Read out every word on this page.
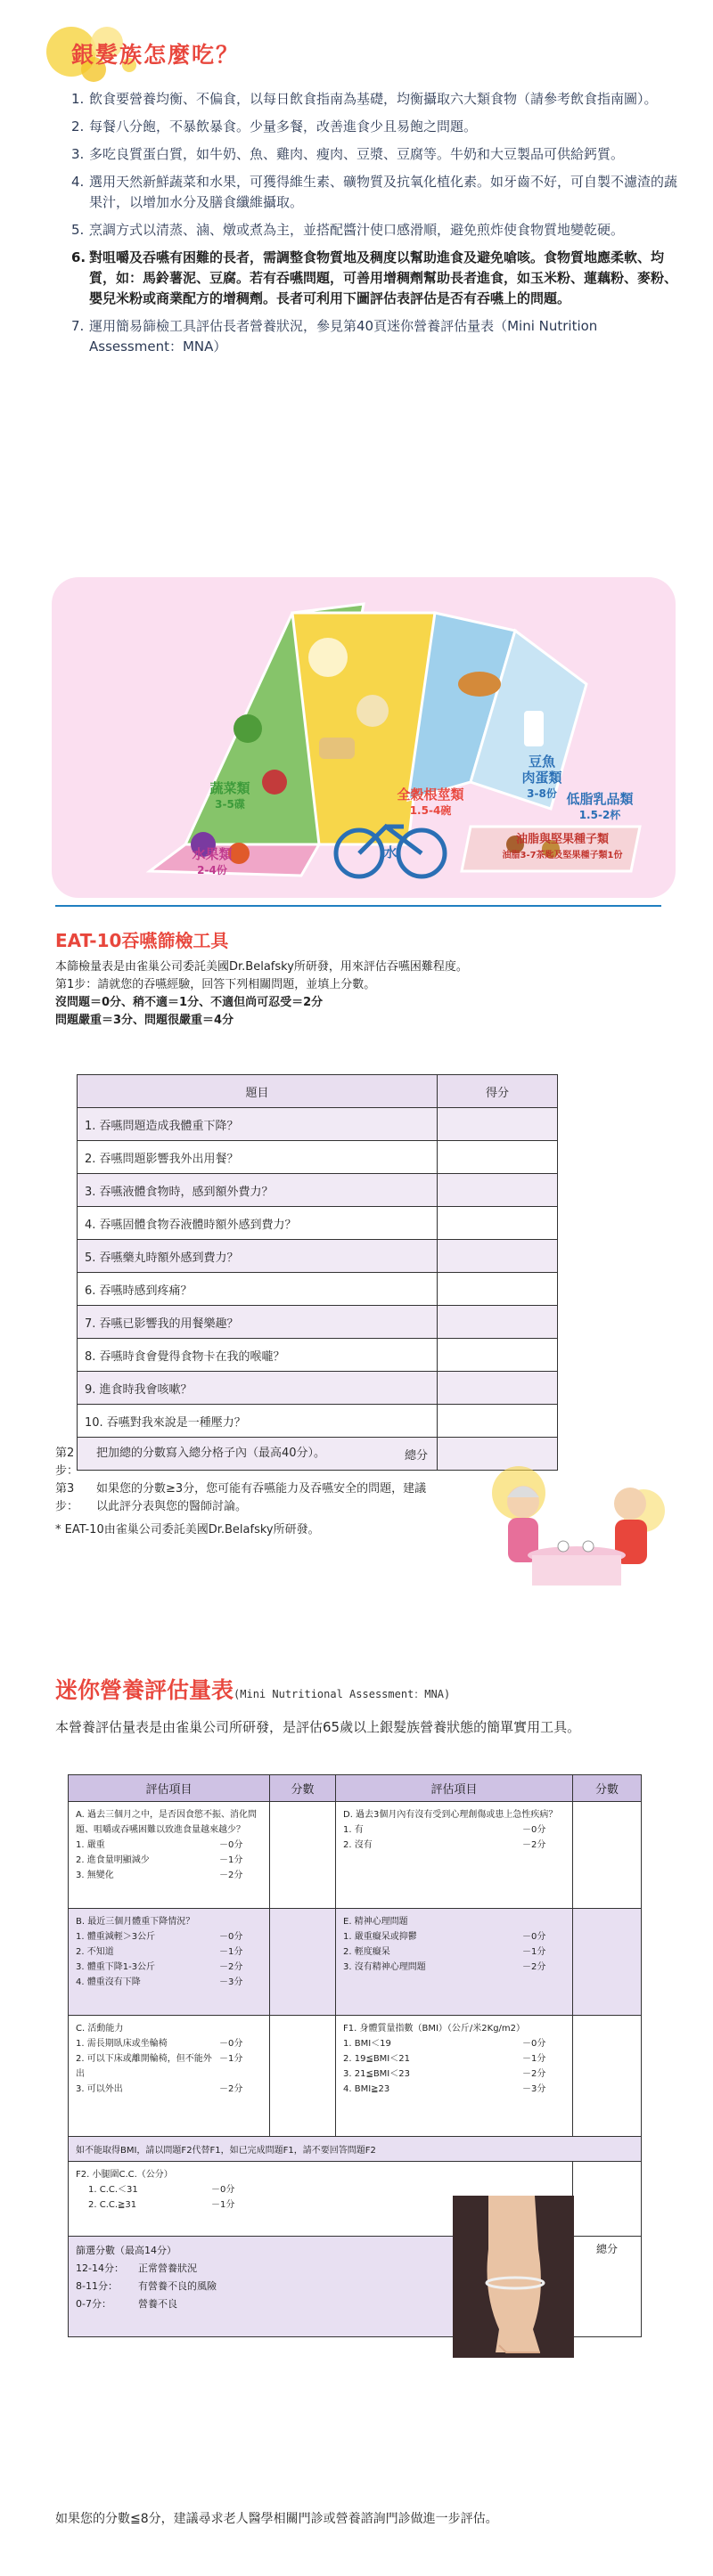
銀髮族怎麼吃？
1. 飲食要營養均衡、不偏食，以每日飲食指南為基礎，均衡攝取六大類食物（請參考飲食指南圖）。
2. 每餐八分飽，不暴飲暴食。少量多餐，改善進食少且易飽之問題。
3. 多吃良質蛋白質，如牛奶、魚、雞肉、瘦肉、豆漿、豆腐等。牛奶和大豆製品可供給鈣質。
4. 選用天然新鮮蔬菜和水果，可獲得維生素、礦物質及抗氧化植化素。如牙齒不好，可自製不濾渣的蔬果汁，以增加水分及膳食纖維攝取。
5. 烹調方式以清蒸、滷、燉或煮為主，並搭配醬汁使口感滑順，避免煎炸使食物質地變乾硬。
6. 對咀嚼及吞嚥有困難的長者，需調整食物質地及稠度以幫助進食及避免嗆咳。食物質地應柔軟、均質，如：馬鈴薯泥、豆腐。若有吞嚥問題，可善用增稠劑幫助長者進食，如玉米粉、蓮藕粉、麥粉、嬰兒米粉或商業配方的增稠劑。長者可利用下圖評估表評估是否有吞嚥上的問題。
7. 運用簡易篩檢工具評估長者營養狀況，參見第40頁迷你營養評估量表（Mini Nutrition Assessment：MNA）
全穀根莖類
1.5-4碗
蔬菜類
3-5碟
水果類
2-4份
豆魚
肉蛋類
3-8份 低脂乳品類
1.5-2杯
油脂與堅果種子類
油脂3-7茶匙及堅果種子類1份
水
EAT-10吞嚥篩檢工具
本篩檢量表是由雀巢公司委託美國Dr.Belafsky所研發，用來評估吞嚥困難程度。
第1步：請就您的吞嚥經驗，回答下列相關問題，並填上分數。
沒問題＝0分、稍不適＝1分、不適但尚可忍受＝2分
問題嚴重＝3分、問題很嚴重＝4分
題目	得分
1. 吞嚥問題造成我體重下降？	
2. 吞嚥問題影響我外出用餐？	
3. 吞嚥液體食物時，感到額外費力？	
4. 吞嚥固體食物吞液體時額外感到費力？	
5. 吞嚥藥丸時額外感到費力？	
6. 吞嚥時感到疼痛？	
7. 吞嚥已影響我的用餐樂趣？	
8. 吞嚥時食會覺得食物卡在我的喉嚨？	
9. 進食時我會咳嗽？	
10. 吞嚥對我來說是一種壓力？	
總分	
第2步：
把加總的分數寫入總分格子內（最高40分）。
第3步：
如果您的分數≥3分，您可能有吞嚥能力及吞嚥安全的問題，建議以此評分表與您的醫師討論。
* EAT-10由雀巢公司委託美國Dr.Belafsky所研發。
迷你營養評估量表(Mini Nutritional Assessment：MNA)
本營養評估量表是由雀巢公司所研發，是評估65歲以上銀髮族營養狀態的簡單實用工具。
評估項目	分數	評估項目	分數
A. 過去三個月之中，是否因食慾不振、消化問題、咀嚼或吞嚥困難以致進食量越來越少？
1. 嚴重	－0分
2. 進食量明顯減少	－1分
3. 無變化	－2分
D. 過去3個月內有沒有受到心理創傷或患上急性疾病？
1. 有	－0分
2. 沒有	－2分
B. 最近三個月體重下降情況？
1. 體重減輕＞3公斤	－0分
2. 不知道	－1分
3. 體重下降1-3公斤	－2分
4. 體重沒有下降	－3分
E. 精神心理問題
1. 嚴重癡呆或抑鬱	－0分
2. 輕度癡呆	－1分
3. 沒有精神心理問題	－2分
C. 活動能力
1. 需長期臥床或坐輪椅	－0分
2. 可以下床或離開輪椅，但不能外出
－1分
3. 可以外出	－2分
F1. 身體質量指數（BMI）（公斤/米2Kg/m2）
1. BMI＜19	－0分
2. 19≦BMI＜21	－1分
3. 21≦BMI＜23	－2分
4. BMI≧23	－3分
如不能取得BMI，請以問題F2代替F1，如已完成問題F1，請不要回答問題F2
F2. 小腿圍C.C.（公分）
1. C.C.＜31	－0分
2. C.C.≧31	－1分
篩選分數（最高14分）
12-14分：	正常營養狀況
8-11分：	有營養不良的風險
0-7分：	營養不良
總分
如果您的分數≦8分，建議尋求老人醫學相關門診或營養諮詢門診做進一步評估。
